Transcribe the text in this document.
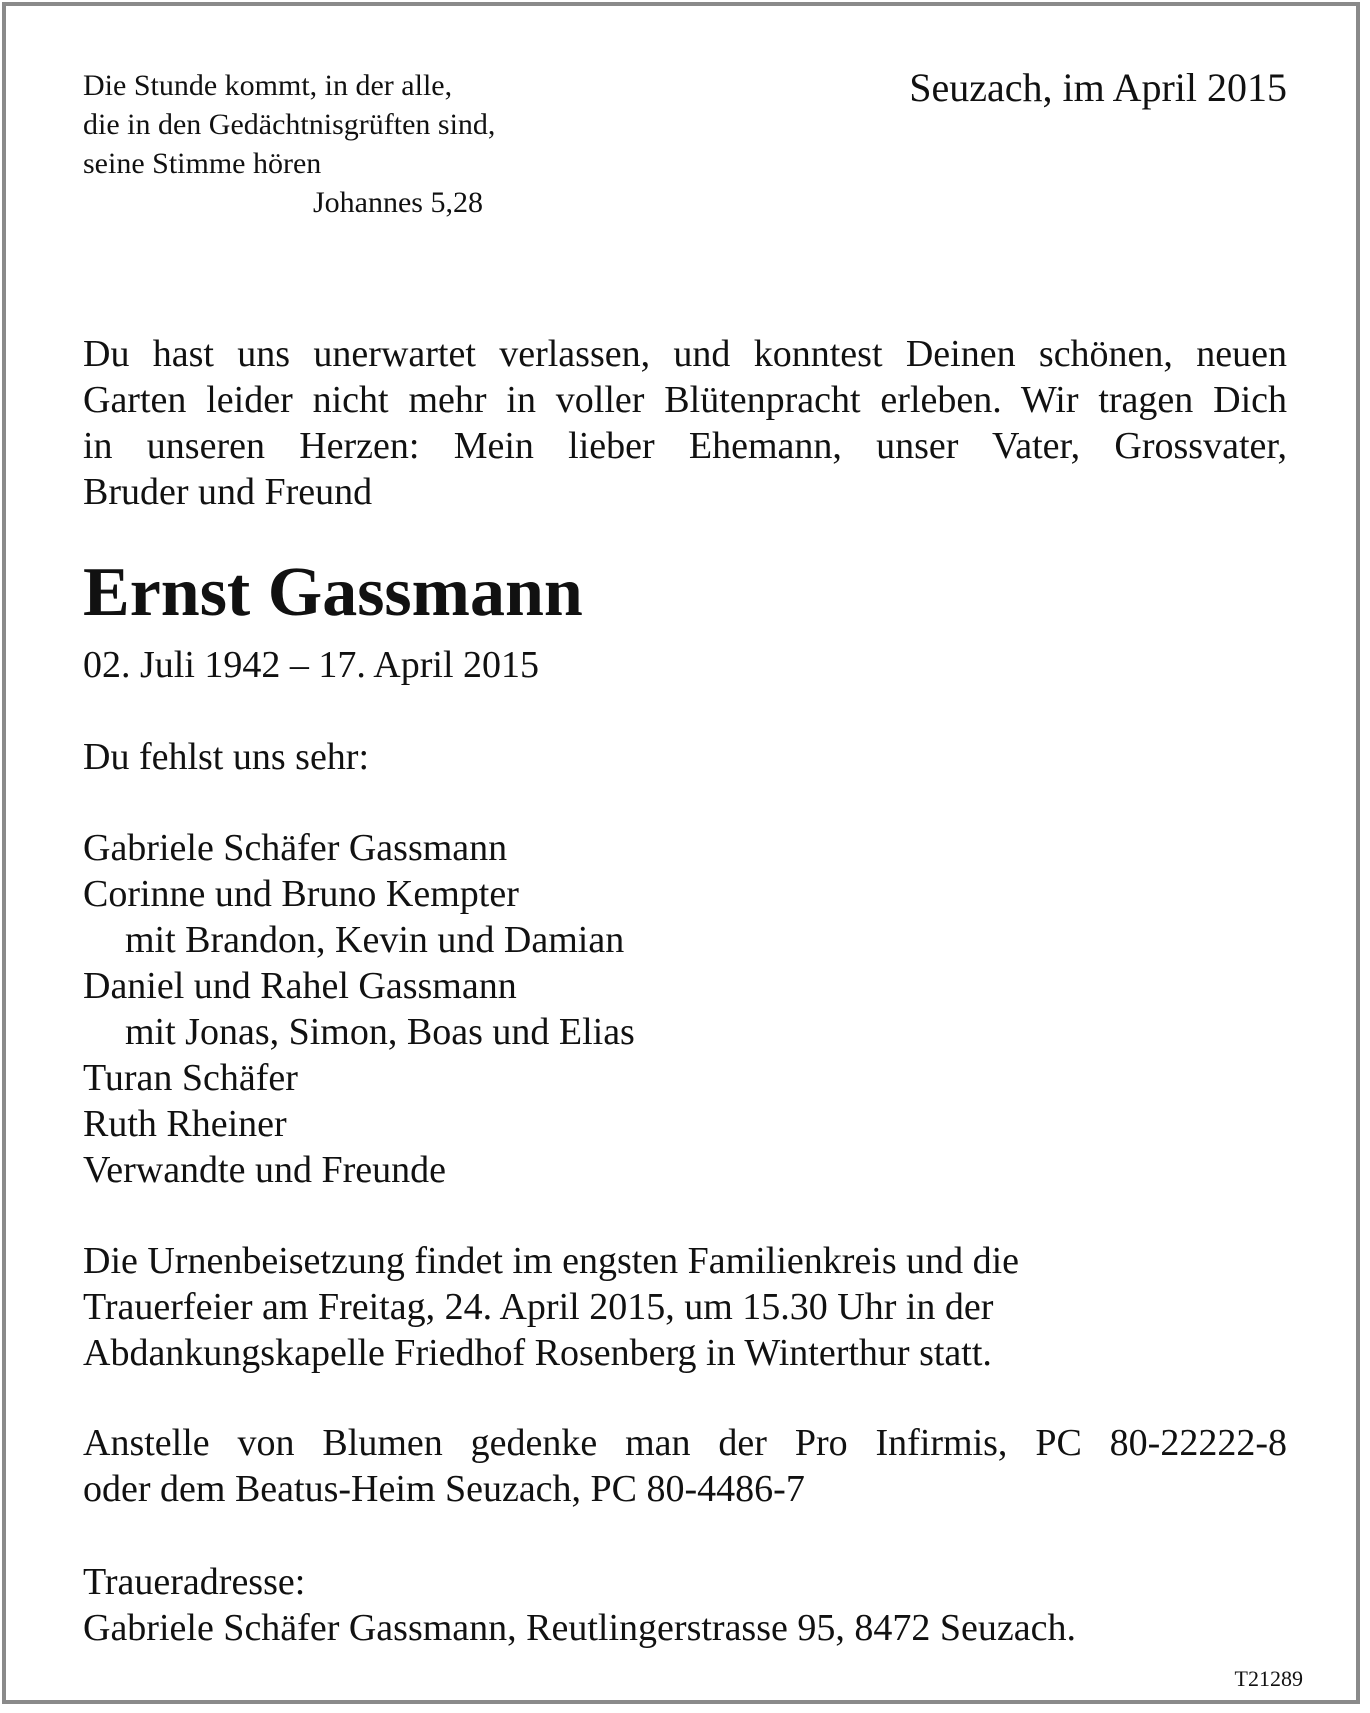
Die Stunde kommt, in der alle,
die in den Gedächtnisgrüften sind,
seine Stimme hören
Johannes 5,28
Seuzach, im April 2015
Du hast uns unerwartet verlassen, und konntest Deinen schönen, neuen
Garten leider nicht mehr in voller Blütenpracht erleben. Wir tragen Dich
in unseren Herzen: Mein lieber Ehemann, unser Vater, Grossvater,
Bruder und Freund
Ernst Gassmann
02. Juli 1942 – 17. April 2015
Du fehlst uns sehr:
Gabriele Schäfer Gassmann
Corinne und Bruno Kempter
mit Brandon, Kevin und Damian
Daniel und Rahel Gassmann
mit Jonas, Simon, Boas und Elias
Turan Schäfer
Ruth Rheiner
Verwandte und Freunde
Die Urnenbeisetzung findet im engsten Familienkreis und die
Trauerfeier am Freitag, 24. April 2015, um 15.30 Uhr in der
Abdankungskapelle Friedhof Rosenberg in Winterthur statt.
Anstelle von Blumen gedenke man der Pro Infirmis, PC 80-22222-8
oder dem Beatus-Heim Seuzach, PC 80-4486-7
Traueradresse:
Gabriele Schäfer Gassmann, Reutlingerstrasse 95, 8472 Seuzach.
T21289
